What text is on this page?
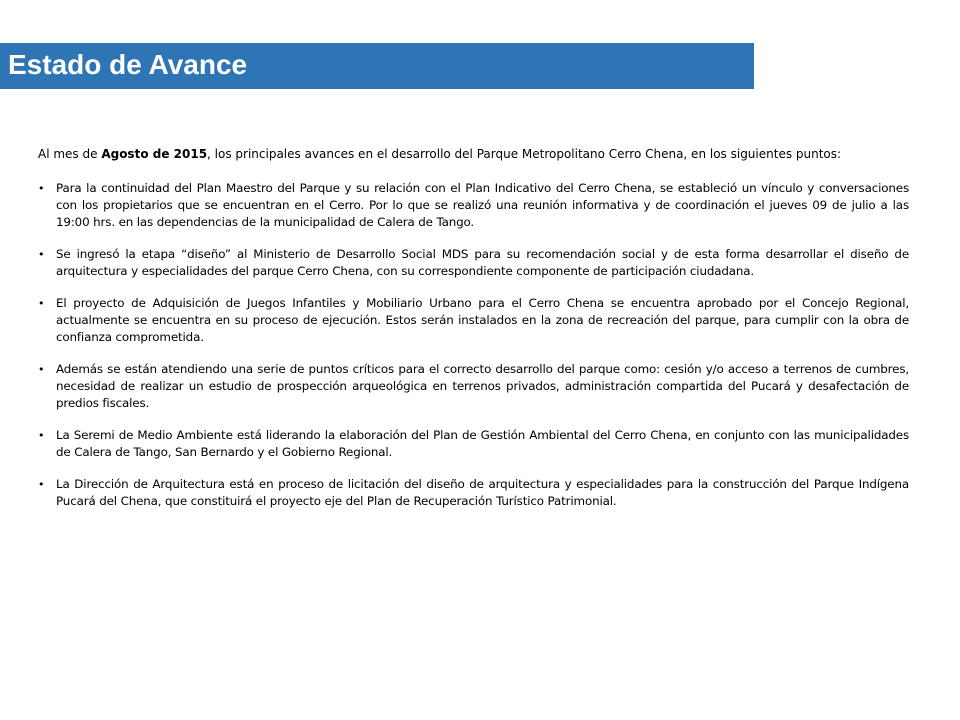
Estado de Avance

Al mes de Agosto de 2015, los principales avances en el desarrollo del Parque Metropolitano Cerro Chena, en los siguientes puntos:

• Para la continuidad del Plan Maestro del Parque y su relación con el Plan Indicativo del Cerro Chena, se estableció un vínculo y conversaciones con los propietarios que se encuentran en el Cerro. Por lo que se realizó una reunión informativa y de coordinación el jueves 09 de julio a las 19:00 hrs. en las dependencias de la municipalidad de Calera de Tango.
• Se ingresó la etapa “diseño” al Ministerio de Desarrollo Social MDS para su recomendación social y de esta forma desarrollar el diseño de arquitectura y especialidades del parque Cerro Chena, con su correspondiente componente de participación ciudadana.
• El proyecto de Adquisición de Juegos Infantiles y Mobiliario Urbano para el Cerro Chena se encuentra aprobado por el Concejo Regional, actualmente se encuentra en su proceso de ejecución. Estos serán instalados en la zona de recreación del parque, para cumplir con la obra de confianza comprometida.
• Además se están atendiendo una serie de puntos críticos para el correcto desarrollo del parque como: cesión y/o acceso a terrenos de cumbres, necesidad de realizar un estudio de prospección arqueológica en terrenos privados, administración compartida del Pucará y desafectación de predios fiscales.
• La Seremi de Medio Ambiente está liderando la elaboración del Plan de Gestión Ambiental del Cerro Chena, en conjunto con las municipalidades de Calera de Tango, San Bernardo y el Gobierno Regional.
• La Dirección de Arquitectura está en proceso de licitación del diseño de arquitectura y especialidades para la construcción del Parque Indígena Pucará del Chena, que constituirá el proyecto eje del Plan de Recuperación Turístico Patrimonial.
